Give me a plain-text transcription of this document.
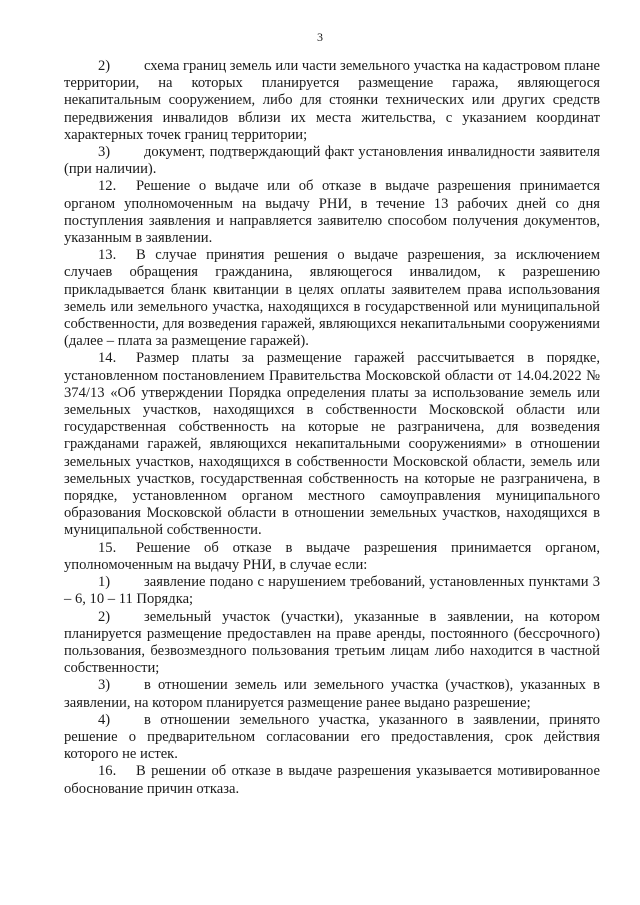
3

2) схема границ земель или части земельного участка на кадастровом плане территории, на которых планируется размещение гаража, являющегося некапитальным сооружением, либо для стоянки технических или других средств передвижения инвалидов вблизи их места жительства, с указанием координат характерных точек границ территории;

3) документ, подтверждающий факт установления инвалидности заявителя (при наличии).

12. Решение о выдаче или об отказе в выдаче разрешения принимается органом уполномоченным на выдачу РНИ, в течение 13 рабочих дней со дня поступления заявления и направляется заявителю способом получения документов, указанным в заявлении.

13. В случае принятия решения о выдаче разрешения, за исключением случаев обращения гражданина, являющегося инвалидом, к разрешению прикладывается бланк квитанции в целях оплаты заявителем права использования земель или земельного участка, находящихся в государственной или муниципальной собственности, для возведения гаражей, являющихся некапитальными сооружениями (далее – плата за размещение гаражей).

14. Размер платы за размещение гаражей рассчитывается в порядке, установленном постановлением Правительства Московской области от 14.04.2022 № 374/13 «Об утверждении Порядка определения платы за использование земель или земельных участков, находящихся в собственности Московской области или государственная собственность на которые не разграничена, для возведения гражданами гаражей, являющихся некапитальными сооружениями» в отношении земельных участков, находящихся в собственности Московской области, земель или земельных участков, государственная собственность на которые не разграничена, в порядке, установленном органом местного самоуправления муниципального образования Московской области в отношении земельных участков, находящихся в муниципальной собственности.

15. Решение об отказе в выдаче разрешения принимается органом, уполномоченным на выдачу РНИ, в случае если:

1) заявление подано с нарушением требований, установленных пунктами 3 – 6, 10 – 11 Порядка;

2) земельный участок (участки), указанные в заявлении, на котором планируется размещение предоставлен на праве аренды, постоянного (бессрочного) пользования, безвозмездного пользования третьим лицам либо находится в частной собственности;

3) в отношении земель или земельного участка (участков), указанных в заявлении, на котором планируется размещение ранее выдано разрешение;

4) в отношении земельного участка, указанного в заявлении, принято решение о предварительном согласовании его предоставления, срок действия которого не истек.

16. В решении об отказе в выдаче разрешения указывается мотивированное обоснование причин отказа.
